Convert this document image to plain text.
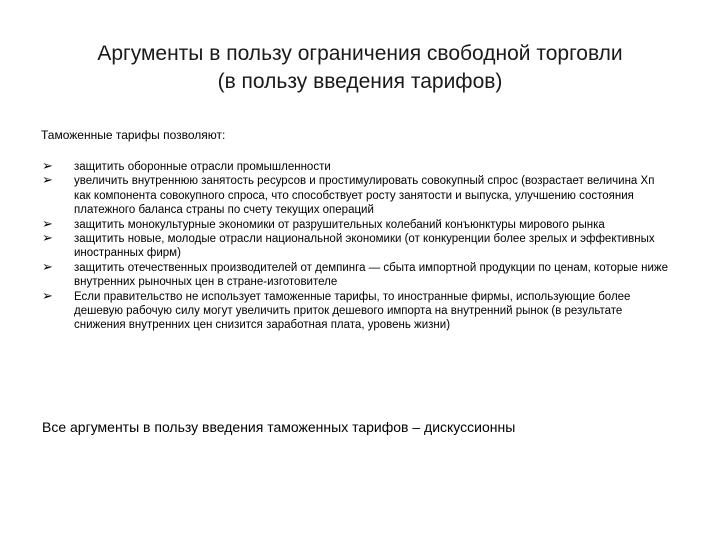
Аргументы в пользу ограничения свободной торговли
(в пользу введения тарифов)
Таможенные тарифы позволяют:
➢	защитить оборонные отрасли промышленности
➢	увеличить внутреннюю занятость ресурсов и простимулировать совокупный спрос (возрастает величина Хп как компонента совокупного спроса, что способствует росту занятости и выпуска, улучшению состояния платежного баланса страны по счету текущих операций
➢	защитить монокультурные экономики от разрушительных колебаний конъюнктуры мирового рынка
➢	защитить новые, молодые отрасли национальной экономики (от конкуренции более зрелых и эффективных иностранных фирм)
➢	защитить отечественных производителей от демпинга — сбыта импортной продукции по ценам, которые ниже внутренних рыночных цен в стране-изготовителе
➢	Если правительство не использует таможенные тарифы, то иностранные фирмы, использующие более дешевую рабочую силу могут увеличить приток дешевого импорта на внутренний рынок (в результате снижения внутренних цен снизится заработная плата, уровень жизни)
Все аргументы в пользу введения таможенных тарифов – дискуссионны
